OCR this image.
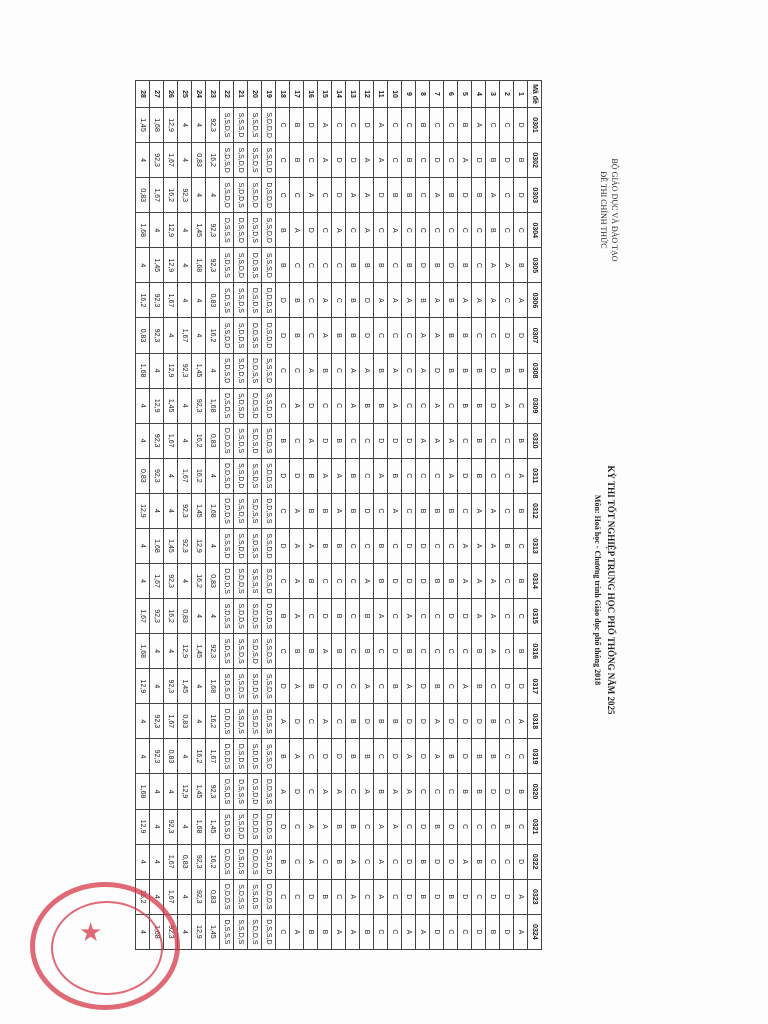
BỘ GIÁO DỤC VÀ ĐÀO TẠO
ĐỀ THI CHÍNH THỨC
KỲ THI TỐT NGHIỆP TRUNG HỌC PHỔ THÔNG NĂM 2025
Môn: Hoá học - Chương trình Giáo dục phổ thông 2018
Mã đề	0301	0302	0303	0304	0305	0306	0307	0308	0309	0310	0311	0312	0313	0314	0315	0316	0317	0318	0319	0320	0321	0322	0323	0324
1	D	B	D	C	B	A	D	B	C	B	A	B	C	B	C	B	D	A	C	B	C	D	A	A
2	C	D	C	C	A	C	D	B	A	C	C	C	B	C	C	C	D	C	C	D	B	C	D	D
3	C	B	A	B	A	A	C	D	D	C	C	A	A	A	A	A	C	B	B	D	C	C	D	B
4	A	D	B	C	C	A	C	B	B	B	B	A	A	A	A	B	B	D	B	B	C	B	C	D
5	B	A	D	C	B	A	B	B	B	C	D	C	A	A	D	C	A	D	D	B	C	A	D	C
6	C	C	B	C	D	B	B	B	C	A	A	B	C	B	D	C	C	D	B	C	D	D	B	C
7	C	D	A	C	B	A	A	D	A	A	C	B	C	B	C	C	B	A	A	C	B	D	D	D
8	B	C	C	C	D	B	A	A	C	A	C	B	D	D	C	C	D	D	D	C	D	B	B	A
9	C	B	B	C	B	A	C	C	C	D	C	C	D	D	A	B	A	D	A	A	C	D	D	A
10	C	C	B	A	C	A	C	A	A	D	B	A	C	D	C	D	B	B	D	A	A	C	C	C
11	A	A	D	C	B	A	C	B	B	D	A	C	B	B	A	C	C	B	C	B	A	A	A	C
12	D	A	A	A	B	D	D	A	B	C	C	D	C	A	B	B	A	D	B	A	C	C	C	B
13	C	D	A	C	B	B	B	A	A	C	B	B	C	C	C	C	C	B	B	C	B	A	A	A
14	C	D	D	A	C	C	B	C	C	B	A	A	B	C	B	B	C	C	D	A	B	B	C	A
15	A	A	C	C	C	A	A	B	C	D	A	B	B	C	D	A	D	A	D	A	A	C	B	B
16	D	C	A	D	C	C	C	A	D	A	B	B	A	B	C	B	B	C	C	C	A	A	D	B
17	B	B	C	A	C	B	B	C	A	C	D	A	A	A	A	B	A	D	A	D	C	C	C	A
18	C	C	C	B	B	D	D	C	C	B	D	C	D	C	B	C	D	A	B	A	D	B	C	C
19	S,D,D,D	S,S,D,D	D,S,D,D	S,S,D,D	S,S,S,D	D,D,D,S	D,S,D,D	S,S,S,D	S,S,D,D	S,D,D,S	S,D,D,S	D,D,S,S	S,S,D,D	S,D,S,D	D,D,D,S	S,S,D,S	S,S,D,S	S,D,S,S	S,S,S,D	D,D,S,S	D,D,D,S	S,S,D,D	D,D,D,S	D,S,S,D
20	S,S,D,S	S,S,D,S	S,S,D,D	D,S,D,S	D,D,S,S	D,S,D,S	D,D,S,S	D,D,S,S	D,D,S,D	S,D,S,D	S,S,D,S	S,D,S,S	S,D,S,S	S,S,S,S	S,D,D,S	S,D,S,D	S,D,D,S	S,S,D,S	S,D,D,S	D,S,D,D	D,D,D,S	D,D,D,S	S,S,D,S	S,D,D,S
21	S,S,S,D	S,S,D,D	S,D,D,S	D,S,S,D	S,S,D,D	S,S,D,S	S,D,D,S	S,D,D,S	S,D,S,D	S,S,D,S	S,S,D,D	S,S,D,S	S,S,D,D	S,D,D,S	S,D,D,S	S,S,D,S	S,S,D,S	S,S,D,S	D,S,D,S	D,S,S,S	S,S,D,D	D,S,D,S	S,D,S,S	S,S,D,S
22	S,S,D,S	S,D,S,D	S,S,D,D	D,S,S,S	S,D,S,S	S,D,S,S	S,S,D,D	S,D,S,D	D,S,D,S	D,D,D,S	D,D,S,D	D,D,D,S	S,S,S,D	D,D,D,S	S,D,S,S	S,D,S,S	S,D,S,D	D,D,D,S	D,D,D,S	D,S,D,S	S,D,S,D	D,D,D,S	D,D,D,S	D,S,S,S
23	92,3	16,2	4	92,3	92,3	0,83	16,2	4	1,68	0,83	4	1,68	4	0,83	4	92,3	1,68	16,2	1,67	92,3	1,45	16,2	0,83	1,45
24	4	0,83	4	1,45	1,68	4	4	1,45	92,3	16,2	16,2	1,45	12,9	16,2	4	1,45	4	4	16,2	1,45	1,68	92,3	92,3	12,9
25	4	4	92,3	4	4	4	1,67	92,3	4	4	1,67	92,3	92,3	4	0,83	12,9	1,45	0,83	4	12,9	4	0,83	4	4
26	12,9	1,67	16,2	12,9	12,9	1,67	4	12,9	1,45	1,67	4	4	1,45	92,3	16,2	4	92,3	1,67	0,83	4	92,3	1,67	1,67	92,3
27	1,68	92,3	1,67	4	1,45	92,3	92,3	4	12,9	92,3	92,3	4	1,68	1,67	92,3	4	4	92,3	92,3	4	4	4	4	1,68
28	1,45	4	0,83	1,68	4	16,2	0,83	1,68	4	4	0,83	12,9	4	4	1,67	1,68	12,9	4	4	1,68	12,9	4	16,2	4
★
